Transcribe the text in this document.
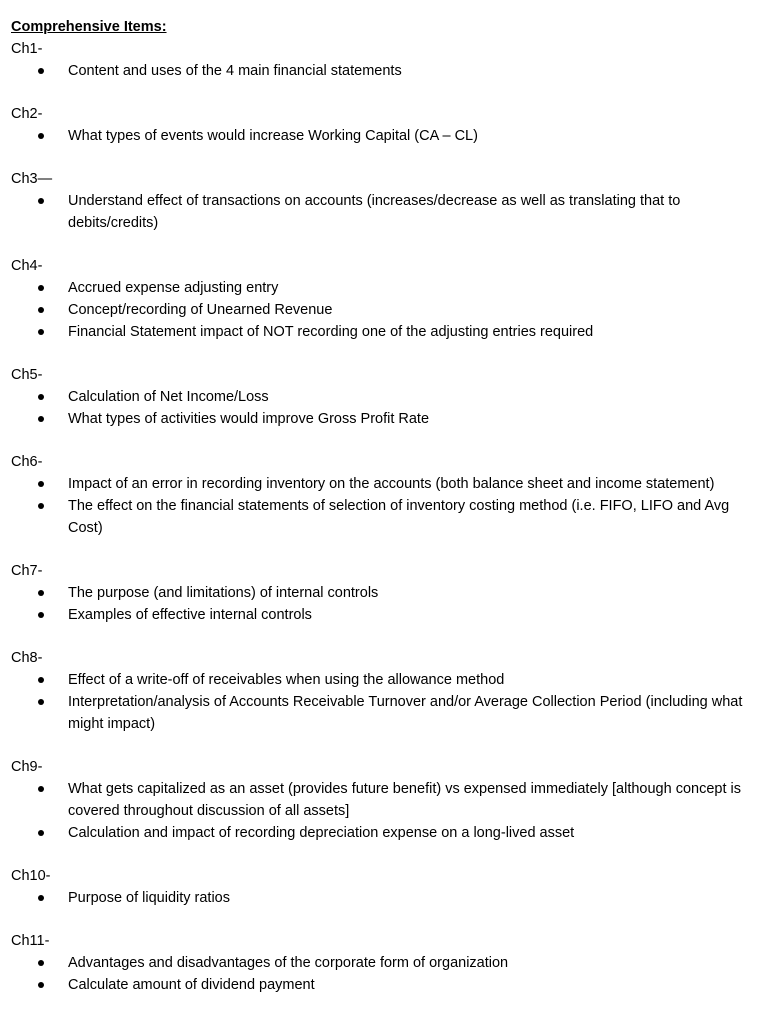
Comprehensive Items:
Ch1-
Content and uses of the 4 main financial statements
Ch2-
What types of events would increase Working Capital (CA – CL)
Ch3—
Understand effect of transactions on accounts (increases/decrease as well as translating that to debits/credits)
Ch4-
Accrued expense adjusting entry
Concept/recording of Unearned Revenue
Financial Statement impact of NOT recording one of the adjusting entries required
Ch5-
Calculation of Net Income/Loss
What types of activities would improve Gross Profit Rate
Ch6-
Impact of an error in recording inventory on the accounts (both balance sheet and income statement)
The effect on the financial statements of selection of inventory costing method (i.e. FIFO, LIFO and Avg Cost)
Ch7-
The purpose (and limitations) of internal controls
Examples of effective internal controls
Ch8-
Effect of a write-off of receivables when using the allowance method
Interpretation/analysis of Accounts Receivable Turnover and/or Average Collection Period (including what might impact)
Ch9-
What gets capitalized as an asset (provides future benefit) vs expensed immediately [although concept is covered throughout discussion of all assets]
Calculation and impact of recording depreciation expense on a long-lived asset
Ch10-
Purpose of liquidity ratios
Ch11-
Advantages and disadvantages of the corporate form of organization
Calculate amount of dividend payment
